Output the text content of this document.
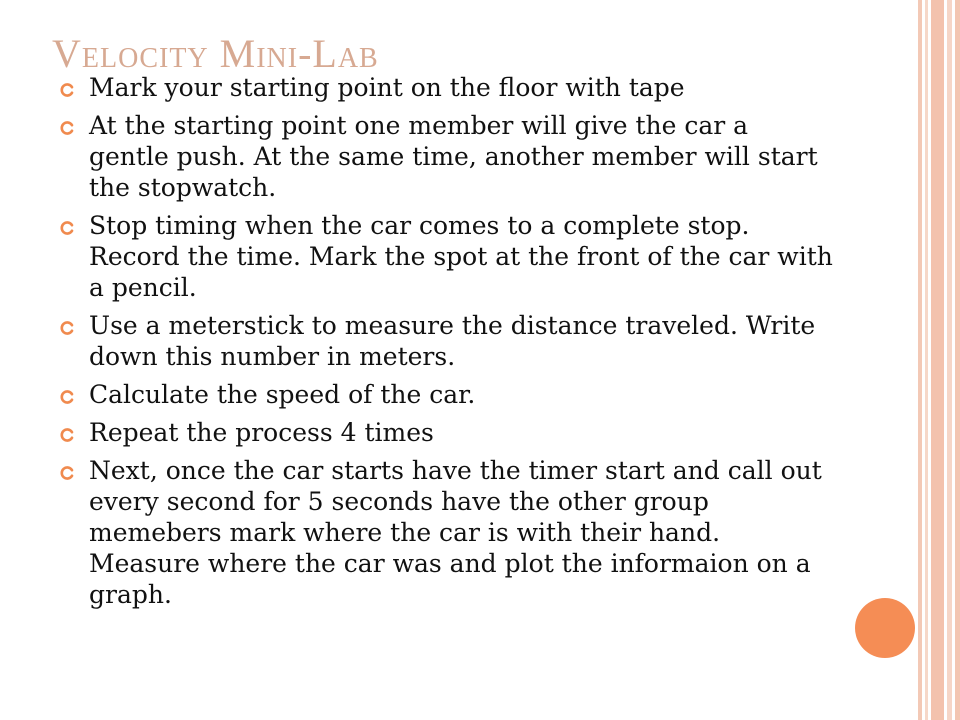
Velocity Mini-Lab
Mark your starting point on the floor with tape
At the starting point one member will give the car a gentle push. At the same time, another member will start the stopwatch.
Stop timing when the car comes to a complete stop. Record the time. Mark the spot at the front of the car with a pencil.
Use a meterstick to measure the distance traveled. Write down this number in meters.
Calculate the speed of the car.
Repeat the process 4 times
Next, once the car starts have the timer start and call out every second for 5 seconds have the other group memebers mark where the car is with their hand. Measure where the car was and plot the informaion on a graph.
